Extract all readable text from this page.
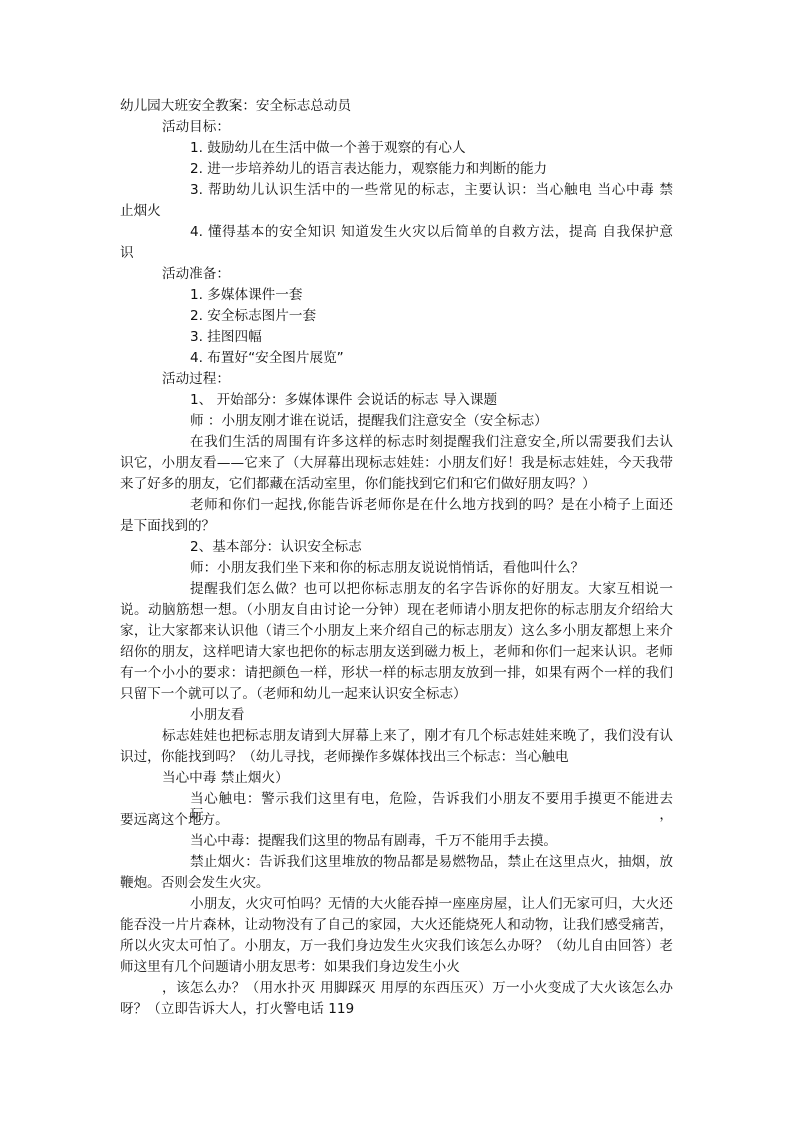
幼儿园大班安全教案：安全标志总动员
活动目标：
1. 鼓励幼儿在生活中做一个善于观察的有心人
2. 进一步培养幼儿的语言表达能力，观察能力和判断的能力
3. 帮助幼儿认识生活中的一些常见的标志，主要认识：当心触电 当心中毒 禁
止烟火
4. 懂得基本的安全知识 知道发生火灾以后简单的自救方法，提高 自我保护意
识
活动准备：
1. 多媒体课件一套
2. 安全标志图片一套
3. 挂图四幅
4. 布置好“安全图片展览”
活动过程：
1、 开始部分：多媒体课件 会说话的标志 导入课题
师 ：小朋友刚才谁在说话，提醒我们注意安全（安全标志）
在我们生活的周围有许多这样的标志时刻提醒我们注意安全,所以需要我们去认
识它，小朋友看——它来了（大屏幕出现标志娃娃：小朋友们好！我是标志娃娃，今天我带
来了好多的朋友，它们都藏在活动室里，你们能找到它们和它们做好朋友吗？）
老师和你们一起找,你能告诉老师你是在什么地方找到的吗？是在小椅子上面还
是下面找到的？
2、基本部分：认识安全标志
师：小朋友我们坐下来和你的标志朋友说说悄悄话，看他叫什么？
提醒我们怎么做？也可以把你标志朋友的名字告诉你的好朋友。大家互相说一
说。动脑筋想一想。（小朋友自由讨论一分钟）现在老师请小朋友把你的标志朋友介绍给大
家，让大家都来认识他（请三个小朋友上来介绍自己的标志朋友）这么多小朋友都想上来介
绍你的朋友，这样吧请大家也把你的标志朋友送到磁力板上，老师和你们一起来认识。老师
有一个小小的要求：请把颜色一样，形状一样的标志朋友放到一排，如果有两个一样的我们
只留下一个就可以了。（老师和幼儿一起来认识安全标志）
小朋友看
标志娃娃也把标志朋友请到大屏幕上来了，刚才有几个标志娃娃来晚了，我们没有认
识过，你能找到吗？（幼儿寻找，老师操作多媒体找出三个标志：当心触电
当心中毒 禁止烟火）
当心触电：警示我们这里有电，危险，告诉我们小朋友不要用手摸更不能进去玩，
要远离这个地方。
当心中毒：提醒我们这里的物品有剧毒，千万不能用手去摸。
禁止烟火：告诉我们这里堆放的物品都是易燃物品，禁止在这里点火，抽烟，放
鞭炮。否则会发生火灾。
小朋友，火灾可怕吗？无情的大火能吞掉一座座房屋，让人们无家可归，大火还
能吞没一片片森林，让动物没有了自己的家园，大火还能烧死人和动物，让我们感受痛苦，
所以火灾太可怕了。小朋友，万一我们身边发生火灾我们该怎么办呀？（幼儿自由回答）老
师这里有几个问题请小朋友思考：如果我们身边发生小火
，该怎么办？（用水扑灭 用脚踩灭 用厚的东西压灭）万一小火变成了大火该怎么办
呀？（立即告诉大人，打火警电话 119
